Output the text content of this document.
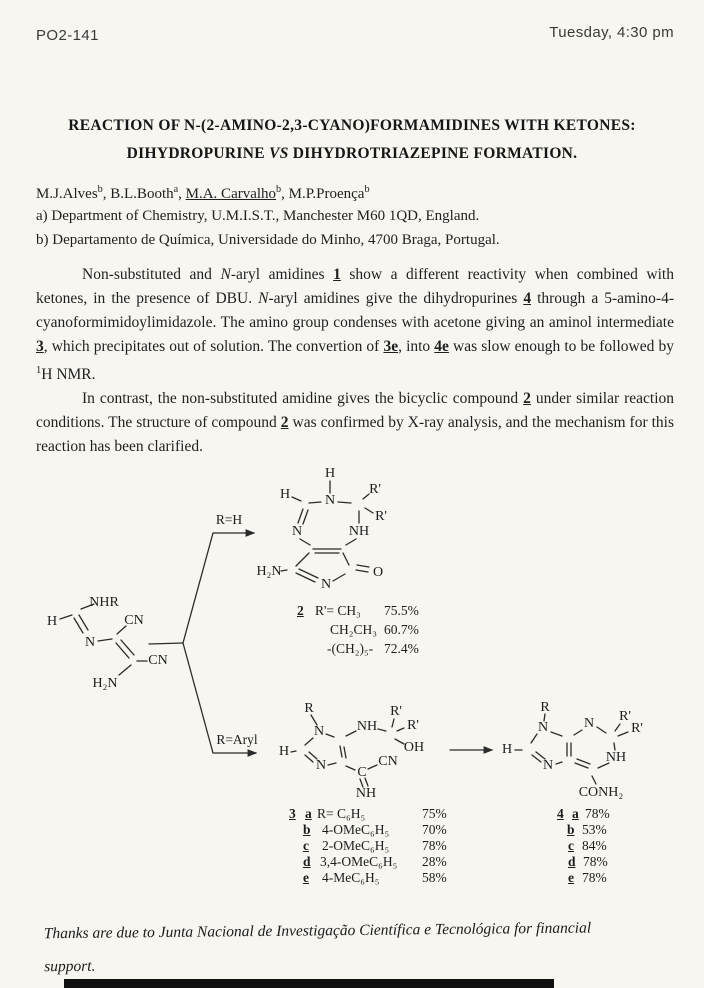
PO2-141	Tuesday, 4:30 pm
REACTION OF N-(2-AMINO-2,3-CYANO)FORMAMIDINES WITH KETONES:
DIHYDROPURINE VS DIHYDROTRIAZEPINE FORMATION.
M.J.Alves$^b$, B.L.Booth$^a$, M.A. Carvalho$^b$, M.P.Proença$^b$
a) Department of Chemistry, U.M.I.S.T., Manchester M60 1QD, England.
b) Departamento de Química, Universidade do Minho, 4700 Braga, Portugal.

Non-substituted and N-aryl amidines 1 show a different reactivity when combined with ketones, in the presence of DBU. N-aryl amidines give the dihydropurines 4 through a 5-amino-4-cyanoformimidoylimidazole. The amino group condenses with acetone giving an aminol intermediate 3, which precipitates out of solution. The convertion of 3e, into 4e was slow enough to be followed by $^1$H NMR.

In contrast, the non-substituted amidine gives the bicyclic compound 2 under similar reaction conditions. The structure of compound 2 was confirmed by X-ray analysis, and the mechanism for this reaction has been clarified.

H
NHR
N
CN
CN
H₂N
R=H
R=Aryl
H
N
H	R'
R'
NH
N
H₂N
N
O
R
N
H
N
NH
R'
R'
OH
C
CN
NH
R
N
H
N
N R'
R'
NH
CONH₂
2 R'= CH₃ 75.5%
CH₂CH₃ 60.7%
-(CH₂)₅- 72.4%
3 a R= C₆H₅	75%
b 4-OMeC₆H₅ 70%
c 2-OMeC₆H₅ 78%
d 3,4-OMeC₆H₅ 28%
e 4-MeC₆H₅	58%
4 a 78%
b 53%
c 84%
d 78%
e 78%
Thanks are due to Junta Nacional de Investigação Científica e Tecnológica for financial
support.
